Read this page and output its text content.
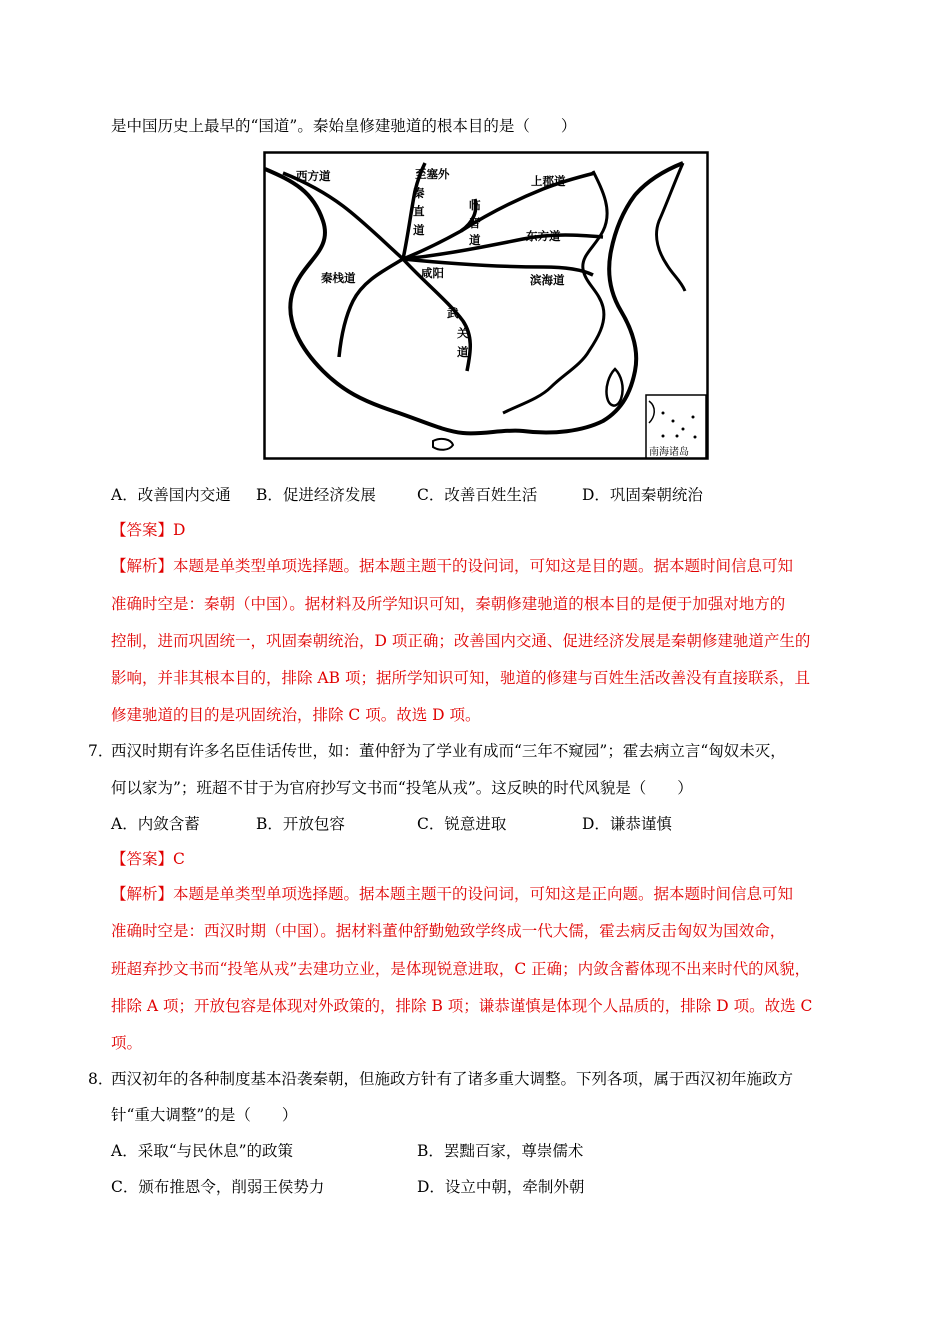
是中国历史上最早的“国道”。秦始皇修建驰道的根本目的是（　　）
西方道	至塞外
秦
直
道
上郡道
临
晋
道	东方道
秦栈道	咸阳	滨海道
武
关
道
南海诸岛
A．改善国内交通 B．促进经济发展	C．改善百姓生活	D．巩固秦朝统治
【答案】D
【解析】本题是单类型单项选择题。据本题主题干的设问词，可知这是目的题。据本题时间信息可知
准确时空是：秦朝（中国）。据材料及所学知识可知，秦朝修建驰道的根本目的是便于加强对地方的
控制，进而巩固统一，巩固秦朝统治，D 项正确；改善国内交通、促进经济发展是秦朝修建驰道产生的
影响，并非其根本目的，排除 AB 项；据所学知识可知，驰道的修建与百姓生活改善没有直接联系，且
修建驰道的目的是巩固统治，排除 C 项。故选 D 项。
7．
西汉时期有许多名臣佳话传世，如：董仲舒为了学业有成而“三年不窥园”；霍去病立言“匈奴未灭，
何以家为”；班超不甘于为官府抄写文书而“投笔从戎”。这反映的时代风貌是（　　）
A．内敛含蓄	B．开放包容	C．锐意进取	D．谦恭谨慎
【答案】C
【解析】本题是单类型单项选择题。据本题主题干的设问词，可知这是正向题。据本题时间信息可知
准确时空是：西汉时期（中国）。据材料董仲舒勤勉致学终成一代大儒，霍去病反击匈奴为国效命，
班超弃抄文书而“投笔从戎”去建功立业，是体现锐意进取，C 正确；内敛含蓄体现不出来时代的风貌，
排除 A 项；开放包容是体现对外政策的，排除 B 项；谦恭谨慎是体现个人品质的，排除 D 项。故选 C
项。
8．
西汉初年的各种制度基本沿袭秦朝，但施政方针有了诸多重大调整。下列各项，属于西汉初年施政方
针“重大调整”的是（　　）
A．采取“与民休息”的政策	B．罢黜百家，尊崇儒术
C．颁布推恩令，削弱王侯势力	D．设立中朝，牵制外朝
